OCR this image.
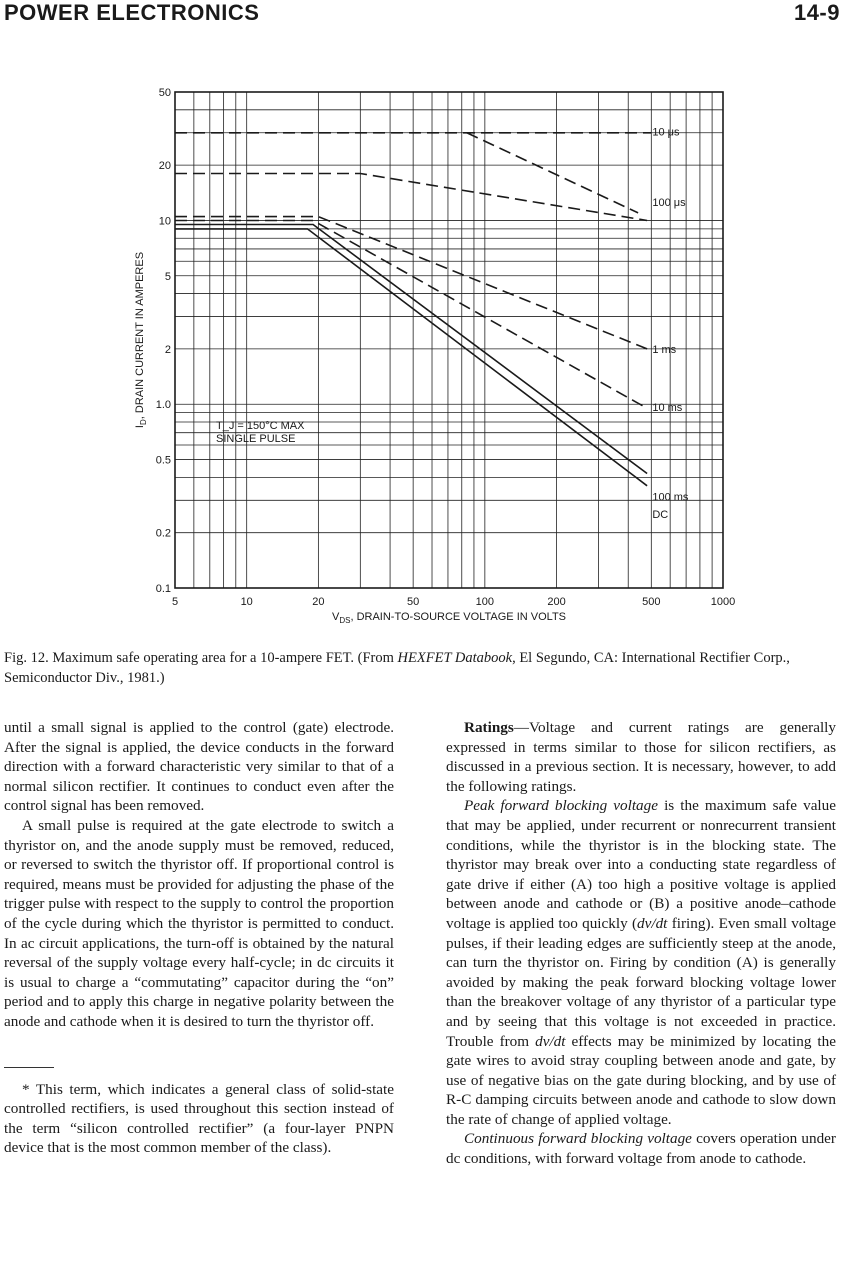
POWER ELECTRONICS	14-9
5	10	20	50	100	200	500	1000
0.1
0.2
0.5
1.0
2
5
10
20
50
10 μs
100 μs
1 ms
10 ms
100 ms
DC
T_J = 150°C MAX
SINGLE PULSE
$V_{DS}$, DRAIN-TO-SOURCE VOLTAGE IN VOLTS
$I_D$, DRAIN CURRENT IN AMPERES
Fig. 12. Maximum safe operating area for a 10-ampere FET. (From HEXFET Databook, El Segundo, CA: International Rectifier Corp., Semiconductor Div., 1981.)

until a small signal is applied to the control (gate) electrode. After the signal is applied, the device conducts in the forward direction with a forward characteristic very similar to that of a normal silicon rectifier. It continues to conduct even after the control signal has been removed.

A small pulse is required at the gate electrode to switch a thyristor on, and the anode supply must be removed, reduced, or reversed to switch the thyristor off. If proportional control is required, means must be provided for adjusting the phase of the trigger pulse with respect to the supply to control the proportion of the cycle during which the thyristor is permitted to conduct. In ac circuit applications, the turn-off is obtained by the natural reversal of the supply voltage every half-cycle; in dc circuits it is usual to charge a “commutating” capacitor during the “on” period and to apply this charge in negative polarity between the anode and cathode when it is desired to turn the thyristor off.

* This term, which indicates a general class of solid-state controlled rectifiers, is used throughout this section instead of the term “silicon controlled rectifier” (a four-layer PNPN device that is the most common member of the class).

Ratings—Voltage and current ratings are generally expressed in terms similar to those for silicon rectifiers, as discussed in a previous section. It is necessary, however, to add the following ratings.

Peak forward blocking voltage is the maximum safe value that may be applied, under recurrent or nonrecurrent transient conditions, while the thyristor is in the blocking state. The thyristor may break over into a conducting state regardless of gate drive if either (A) too high a positive voltage is applied between anode and cathode or (B) a positive anode–cathode voltage is applied too quickly (dv/dt firing). Even small voltage pulses, if their leading edges are sufficiently steep at the anode, can turn the thyristor on. Firing by condition (A) is generally avoided by making the peak forward blocking voltage lower than the breakover voltage of any thyristor of a particular type and by seeing that this voltage is not exceeded in practice. Trouble from dv/dt effects may be minimized by locating the gate wires to avoid stray coupling between anode and gate, by use of negative bias on the gate during blocking, and by use of R-C damping circuits between anode and cathode to slow down the rate of change of applied voltage.

Continuous forward blocking voltage covers operation under dc conditions, with forward voltage from anode to cathode.
